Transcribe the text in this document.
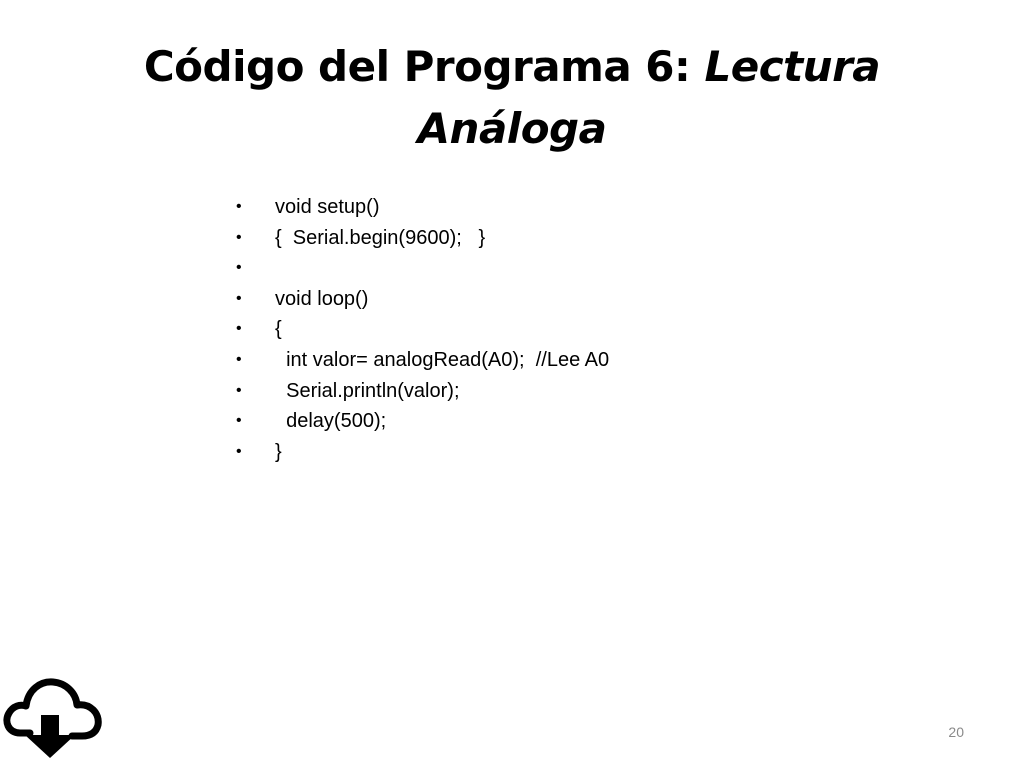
Código del Programa 6: Lectura Análoga
•	void setup()
•	{  Serial.begin(9600);   }
•
•	void loop()
•	{
•	int valor= analogRead(A0);  //Lee A0
•	Serial.println(valor);
•	delay(500);
•	}
20
